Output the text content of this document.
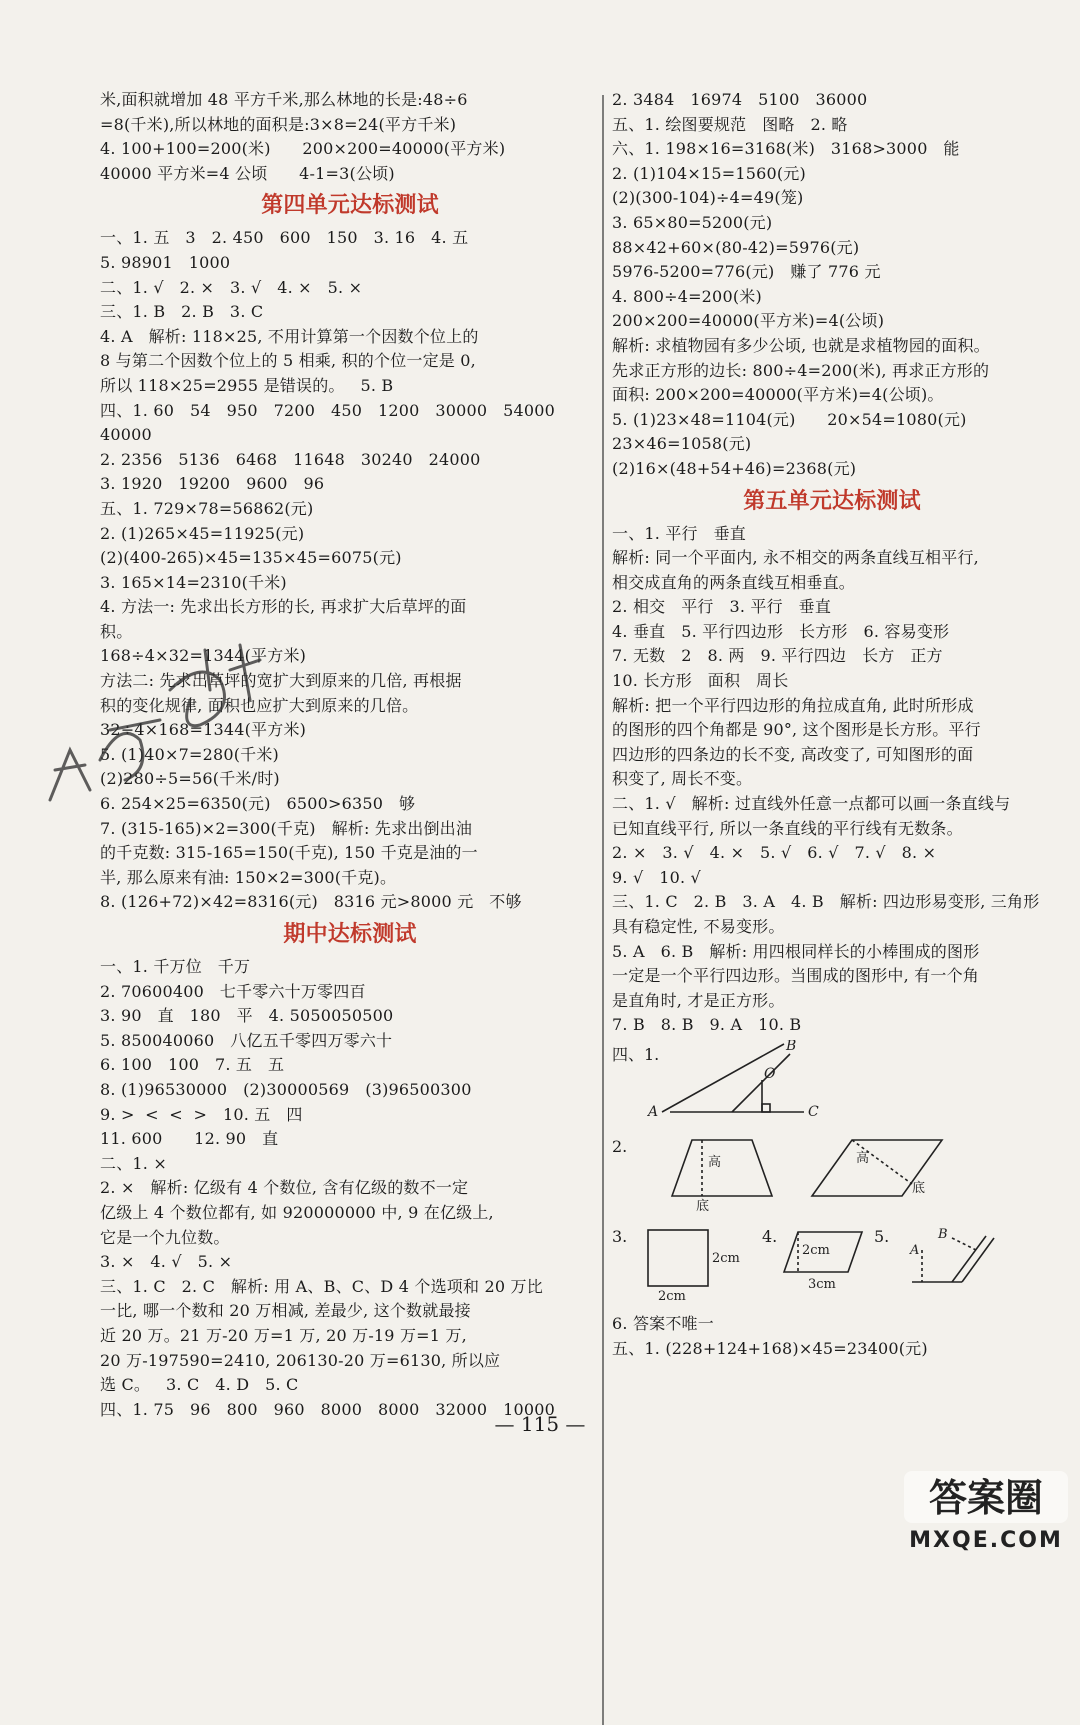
米,面积就增加 48 平方千米,那么林地的长是:48÷6
=8(千米),所以林地的面积是:3×8=24(平方千米)
4. 100+100=200(米)      200×200=40000(平方米)
40000 平方米=4 公顷      4-1=3(公顷)
第四单元达标测试
一、1. 五   3   2. 450   600   150   3. 16   4. 五
5. 98901   1000
二、1. √   2. ×   3. √   4. ×   5. ×
三、1. B   2. B   3. C
4. A   解析: 118×25, 不用计算第一个因数个位上的
8 与第二个因数个位上的 5 相乘, 积的个位一定是 0,
所以 118×25=2955 是错误的。   5. B
四、1. 60   54   950   7200   450   1200   30000   54000
40000
2. 2356   5136   6468   11648   30240   24000
3. 1920   19200   9600   96
五、1. 729×78=56862(元)
2. (1)265×45=11925(元)
(2)(400-265)×45=135×45=6075(元)
3. 165×14=2310(千米)
4. 方法一: 先求出长方形的长, 再求扩大后草坪的面
积。
168÷4×32=1344(平方米)
方法二: 先求出草坪的宽扩大到原来的几倍, 再根据
积的变化规律, 面积也应扩大到原来的几倍。
32÷4×168=1344(平方米)
5. (1)40×7=280(千米)
(2)280÷5=56(千米/时)
6. 254×25=6350(元)   6500>6350   够
7. (315-165)×2=300(千克)   解析: 先求出倒出油
的千克数: 315-165=150(千克), 150 千克是油的一
半, 那么原来有油: 150×2=300(千克)。
8. (126+72)×42=8316(元)   8316 元>8000 元   不够
期中达标测试
一、1. 千万位   千万
2. 70600400   七千零六十万零四百
3. 90   直   180   平   4. 5050050500
5. 850040060   八亿五千零四万零六十
6. 100   100   7. 五   五
8. (1)96530000   (2)30000569   (3)96500300
9. >  <  <  >   10. 五   四
11. 600      12. 90   直
二、1. ×
2. ×   解析: 亿级有 4 个数位, 含有亿级的数不一定
亿级上 4 个数位都有, 如 920000000 中, 9 在亿级上,
它是一个九位数。
3. ×   4. √   5. ×
三、1. C   2. C   解析: 用 A、B、C、D 4 个选项和 20 万比
一比, 哪一个数和 20 万相减, 差最少, 这个数就最接
近 20 万。21 万-20 万=1 万, 20 万-19 万=1 万,
20 万-197590=2410, 206130-20 万=6130, 所以应
选 C。   3. C   4. D   5. C
四、1. 75   96   800   960   8000   8000   32000   10000
2. 3484   16974   5100   36000
五、1. 绘图要规范   图略   2. 略
六、1. 198×16=3168(米)   3168>3000   能
2. (1)104×15=1560(元)
(2)(300-104)÷4=49(笼)
3. 65×80=5200(元)
88×42+60×(80-42)=5976(元)
5976-5200=776(元)   赚了 776 元
4. 800÷4=200(米)
200×200=40000(平方米)=4(公顷)
解析: 求植物园有多少公顷, 也就是求植物园的面积。
先求正方形的边长: 800÷4=200(米), 再求正方形的
面积: 200×200=40000(平方米)=4(公顷)。
5. (1)23×48=1104(元)      20×54=1080(元)
23×46=1058(元)
(2)16×(48+54+46)=2368(元)
第五单元达标测试
一、1. 平行   垂直
解析: 同一个平面内, 永不相交的两条直线互相平行,
相交成直角的两条直线互相垂直。
2. 相交   平行   3. 平行   垂直
4. 垂直   5. 平行四边形   长方形   6. 容易变形
7. 无数   2   8. 两   9. 平行四边   长方   正方
10. 长方形   面积   周长
解析: 把一个平行四边形的角拉成直角, 此时所形成
的图形的四个角都是 90°, 这个图形是长方形。平行
四边形的四条边的长不变, 高改变了, 可知图形的面
积变了, 周长不变。
二、1. √   解析: 过直线外任意一点都可以画一条直线与
已知直线平行, 所以一条直线的平行线有无数条。
2. ×   3. √   4. ×   5. √   6. √   7. √   8. ×
9. √   10. √
三、1. C   2. B   3. A   4. B   解析: 四边形易变形, 三角形
具有稳定性, 不易变形。
5. A   6. B   解析: 用四根同样长的小棒围成的图形
一定是一个平行四边形。当围成的图形中, 有一个角
是直角时, 才是正方形。
7. B   8. B   9. A   10. B
四、1.
A
B
O
C
2.
高
底
高
底
3.	4.	5.
2cm
2cm
2cm
3cm
A
B
6. 答案不唯一
五、1. (228+124+168)×45=23400(元)
— 115 —
答案圈
MXQE.COM
